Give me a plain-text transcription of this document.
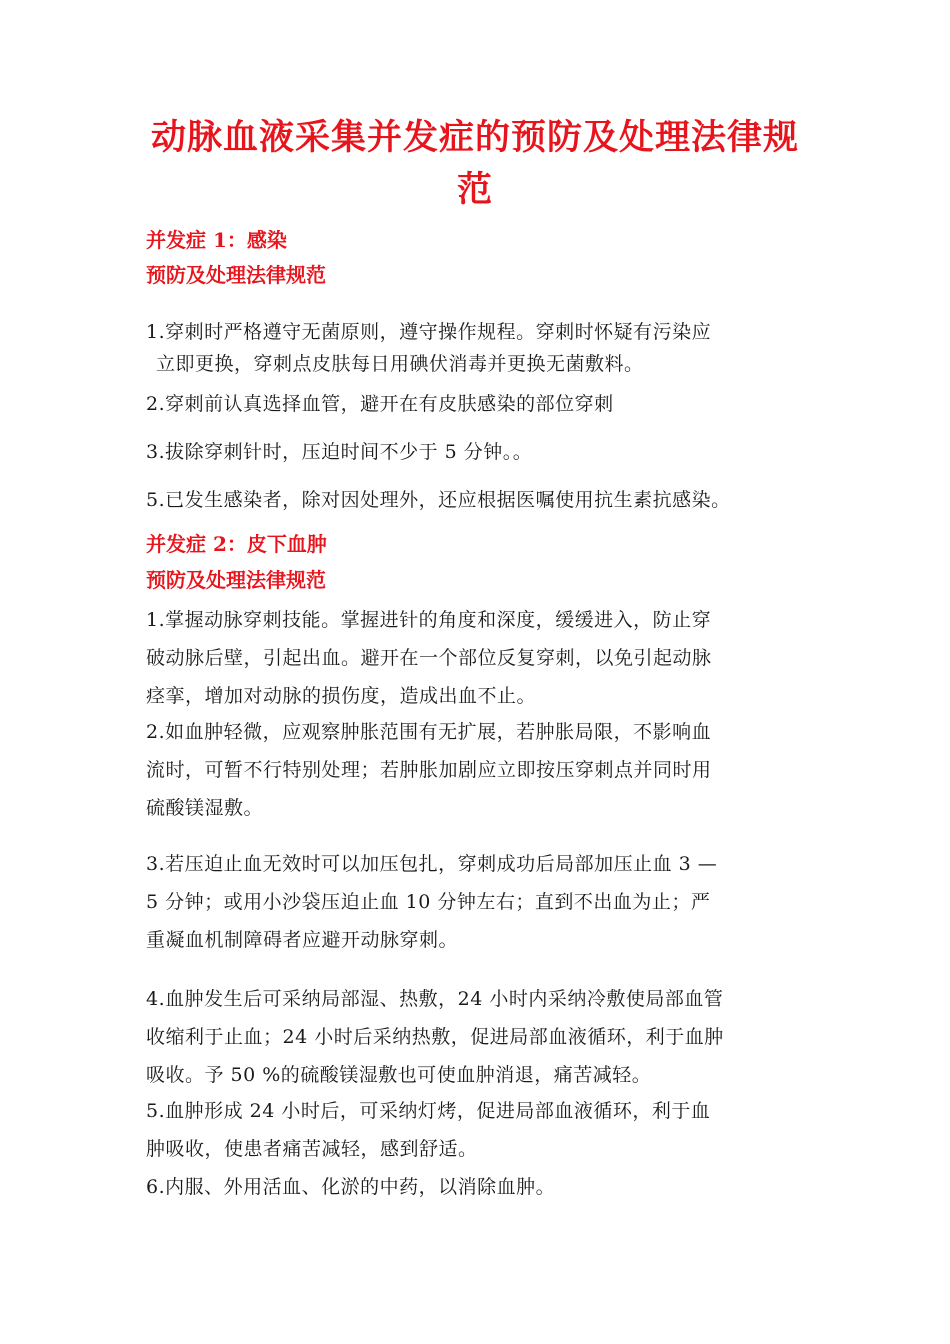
动脉血液采集并发症的预防及处理法律规
范
并发症 1：感染
预防及处理法律规范

1.穿刺时严格遵守无菌原则，遵守操作规程。穿刺时怀疑有污染应
立即更换，穿刺点皮肤每日用碘伏消毒并更换无菌敷料。

2.穿刺前认真选择血管，避开在有皮肤感染的部位穿刺

3.拔除穿刺针时，压迫时间不少于 5 分钟。。

5.已发生感染者，除对因处理外，还应根据医嘱使用抗生素抗感染。

并发症 2：皮下血肿
预防及处理法律规范

1.掌握动脉穿刺技能。掌握进针的角度和深度，缓缓进入，防止穿
破动脉后壁，引起出血。避开在一个部位反复穿刺，以免引起动脉
痉挛，增加对动脉的损伤度，造成出血不止。

2.如血肿轻微，应观察肿胀范围有无扩展，若肿胀局限，不影响血
流时，可暂不行特别处理；若肿胀加剧应立即按压穿刺点并同时用
硫酸镁湿敷。

3.若压迫止血无效时可以加压包扎，穿刺成功后局部加压止血 3 —
5 分钟；或用小沙袋压迫止血 10 分钟左右；直到不出血为止；严
重凝血机制障碍者应避开动脉穿刺。

4.血肿发生后可采纳局部湿、热敷，24 小时内采纳冷敷使局部血管
收缩利于止血；24 小时后采纳热敷，促进局部血液循环，利于血肿
吸收。予 50 %的硫酸镁湿敷也可使血肿消退，痛苦减轻。

5.血肿形成 24 小时后，可采纳灯烤，促进局部血液循环，利于血
肿吸收，使患者痛苦减轻，感到舒适。

6.内服、外用活血、化淤的中药，以消除血肿。
